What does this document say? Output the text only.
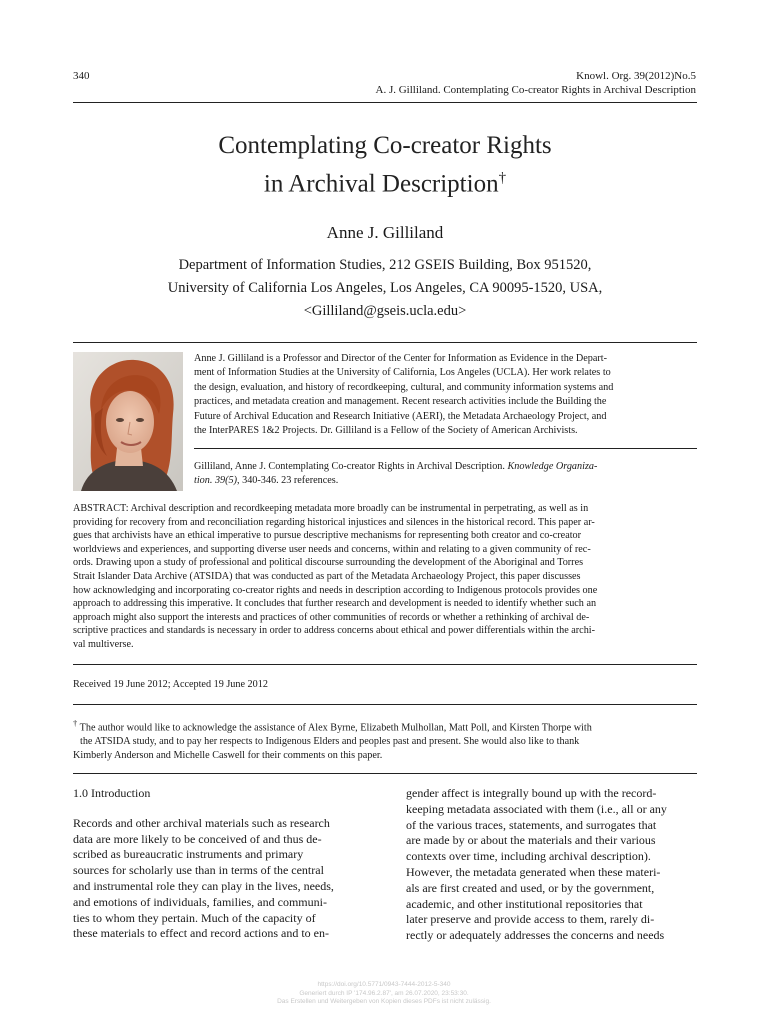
340	Knowl. Org. 39(2012)No.5
A. J. Gilliland. Contemplating Co-creator Rights in Archival Description
Contemplating Co-creator Rights
in Archival Description†
Anne J. Gilliland
Department of Information Studies, 212 GSEIS Building, Box 951520,
University of California Los Angeles, Los Angeles, CA 90095-1520, USA,
<Gilliland@gseis.ucla.edu>
Anne J. Gilliland is a Professor and Director of the Center for Information as Evidence in the Depart-
ment of Information Studies at the University of California, Los Angeles (UCLA). Her work relates to
the design, evaluation, and history of recordkeeping, cultural, and community information systems and
practices, and metadata creation and management. Recent research activities include the Building the
Future of Archival Education and Research Initiative (AERI), the Metadata Archaeology Project, and
the InterPARES 1&2 Projects. Dr. Gilliland is a Fellow of the Society of American Archivists.
Gilliland, Anne J. Contemplating Co-creator Rights in Archival Description. Knowledge Organiza-
tion. 39(5), 340-346. 23 references.
ABSTRACT: Archival description and recordkeeping metadata more broadly can be instrumental in perpetrating, as well as in
providing for recovery from and reconciliation regarding historical injustices and silences in the historical record. This paper ar-
gues that archivists have an ethical imperative to pursue descriptive mechanisms for representing both creator and co-creator
worldviews and experiences, and supporting diverse user needs and concerns, within and relating to a given community of rec-
ords. Drawing upon a study of professional and political discourse surrounding the development of the Aboriginal and Torres
Strait Islander Data Archive (ATSIDA) that was conducted as part of the Metadata Archaeology Project, this paper discusses
how acknowledging and incorporating co-creator rights and needs in description according to Indigenous protocols provides one
approach to addressing this imperative. It concludes that further research and development is needed to identify whether such an
approach might also support the interests and practices of other communities of records or whether a rethinking of archival de-
scriptive practices and standards is necessary in order to address concerns about ethical and power differentials within the archi-
val multiverse.
Received 19 June 2012; Accepted 19 June 2012
† The author would like to acknowledge the assistance of Alex Byrne, Elizabeth Mulhollan, Matt Poll, and Kirsten Thorpe with
the ATSIDA study, and to pay her respects to Indigenous Elders and peoples past and present. She would also like to thank
Kimberly Anderson and Michelle Caswell for their comments on this paper.
1.0 Introduction
Records and other archival materials such as research
data are more likely to be conceived of and thus de-
scribed as bureaucratic instruments and primary
sources for scholarly use than in terms of the central
and instrumental role they can play in the lives, needs,
and emotions of individuals, families, and communi-
ties to whom they pertain. Much of the capacity of
these materials to effect and record actions and to en-
gender affect is integrally bound up with the record-
keeping metadata associated with them (i.e., all or any
of the various traces, statements, and surrogates that
are made by or about the materials and their various
contexts over time, including archival description).
However, the metadata generated when these materi-
als are first created and used, or by the government,
academic, and other institutional repositories that
later preserve and provide access to them, rarely di-
rectly or adequately addresses the concerns and needs
https://doi.org/10.5771/0943-7444-2012-5-340
Generiert durch IP '174.96.2.87', am 26.07.2020, 23:53:30.
Das Erstellen und Weitergeben von Kopien dieses PDFs ist nicht zulässig.
